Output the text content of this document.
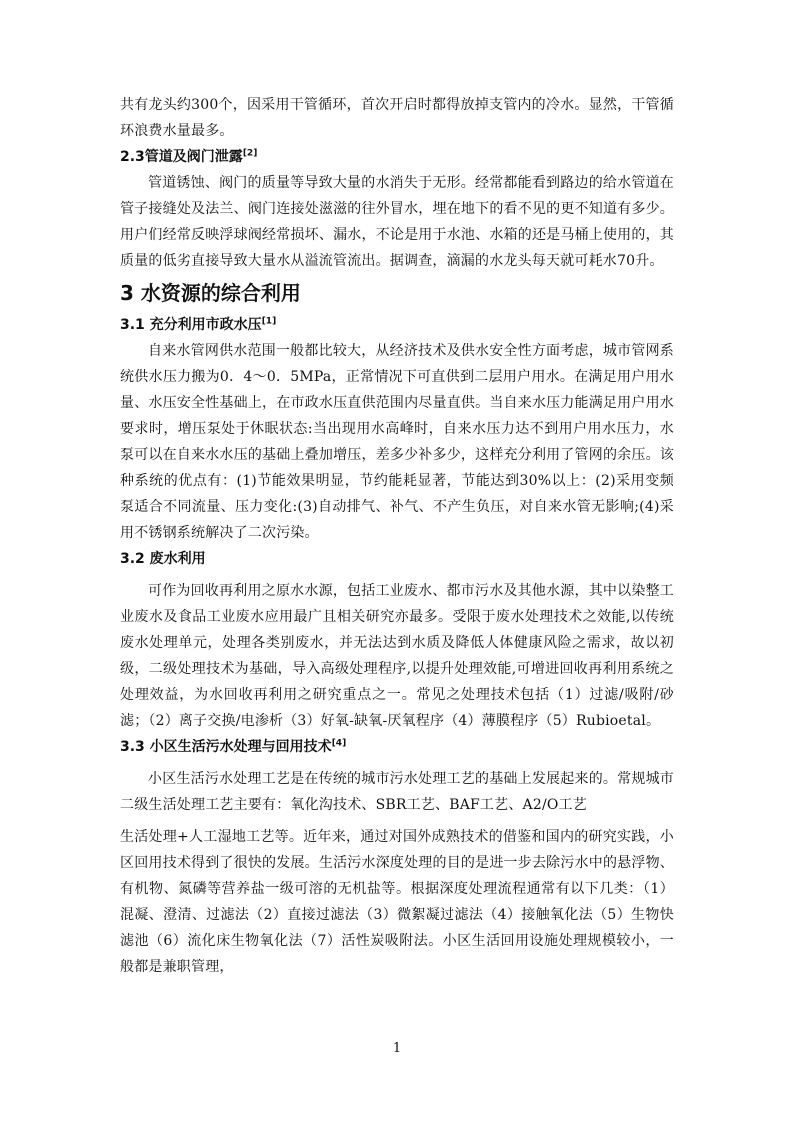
共有龙头约300个，因采用干管循环，首次开启时都得放掉支管内的冷水。显然，干管循环浪费水量最多。

2.3管道及阀门泄露[2]

管道锈蚀、阀门的质量等导致大量的水消失于无形。经常都能看到路边的给水管道在管子接缝处及法兰、阀门连接处滋滋的往外冒水，埋在地下的看不见的更不知道有多少。用户们经常反映浮球阀经常损坏、漏水，不论是用于水池、水箱的还是马桶上使用的，其质量的低劣直接导致大量水从溢流管流出。据调查，滴漏的水龙头每天就可耗水70升。

3 水资源的综合利用
3.1 充分利用市政水压[1]

自来水管网供水范围一般都比较大，从经济技术及供水安全性方面考虑，城市管网系统供水压力搬为0．4～0．5MPa，正常情况下可直供到二层用户用水。在满足用户用水量、水压安全性基础上，在市政水压直供范围内尽量直供。当自来水压力能满足用户用水要求时，增压泵处于休眠状态:当出现用水高峰时，自来水压力达不到用户用水压力，水泵可以在自来水水压的基础上叠加增压，差多少补多少，这样充分利用了管网的余压。该种系统的优点有：(1)节能效果明显，节约能耗显著，节能达到30%以上：(2)采用变频泵适合不同流量、压力变化:(3)自动排气、补气、不产生负压，对自来水管无影响;(4)采用不锈钢系统解决了二次污染。

3.2 废水利用

可作为回收再利用之原水水源，包括工业废水、都市污水及其他水源，其中以染整工业废水及食品工业废水应用最广且相关研究亦最多。受限于废水处理技术之效能,以传统废水处理单元，处理各类别废水，并无法达到水质及降低人体健康风险之需求，故以初级，二级处理技术为基础，导入高级处理程序,以提升处理效能,可增进回收再利用系统之处理效益，为水回收再利用之研究重点之一。常见之处理技术包括（1）过滤/吸附/砂滤；（2）离子交换/电渗析（3）好氧-缺氧-厌氧程序（4）薄膜程序（5）Rubioetal。

3.3 小区生活污水处理与回用技术[4]

小区生活污水处理工艺是在传统的城市污水处理工艺的基础上发展起来的。常规城市二级生活处理工艺主要有：氧化沟技术、SBR工艺、BAF工艺、A2/O工艺

生活处理+人工湿地工艺等。近年来，通过对国外成熟技术的借鉴和国内的研究实践，小区回用技术得到了很快的发展。生活污水深度处理的目的是进一步去除污水中的悬浮物、有机物、氮磷等营养盐一级可溶的无机盐等。根据深度处理流程通常有以下几类：（1）混凝、澄清、过滤法（2）直接过滤法（3）微絮凝过滤法（4）接触氧化法（5）生物快滤池（6）流化床生物氧化法（7）活性炭吸附法。小区生活回用设施处理规模较小，一般都是兼职管理，

1
